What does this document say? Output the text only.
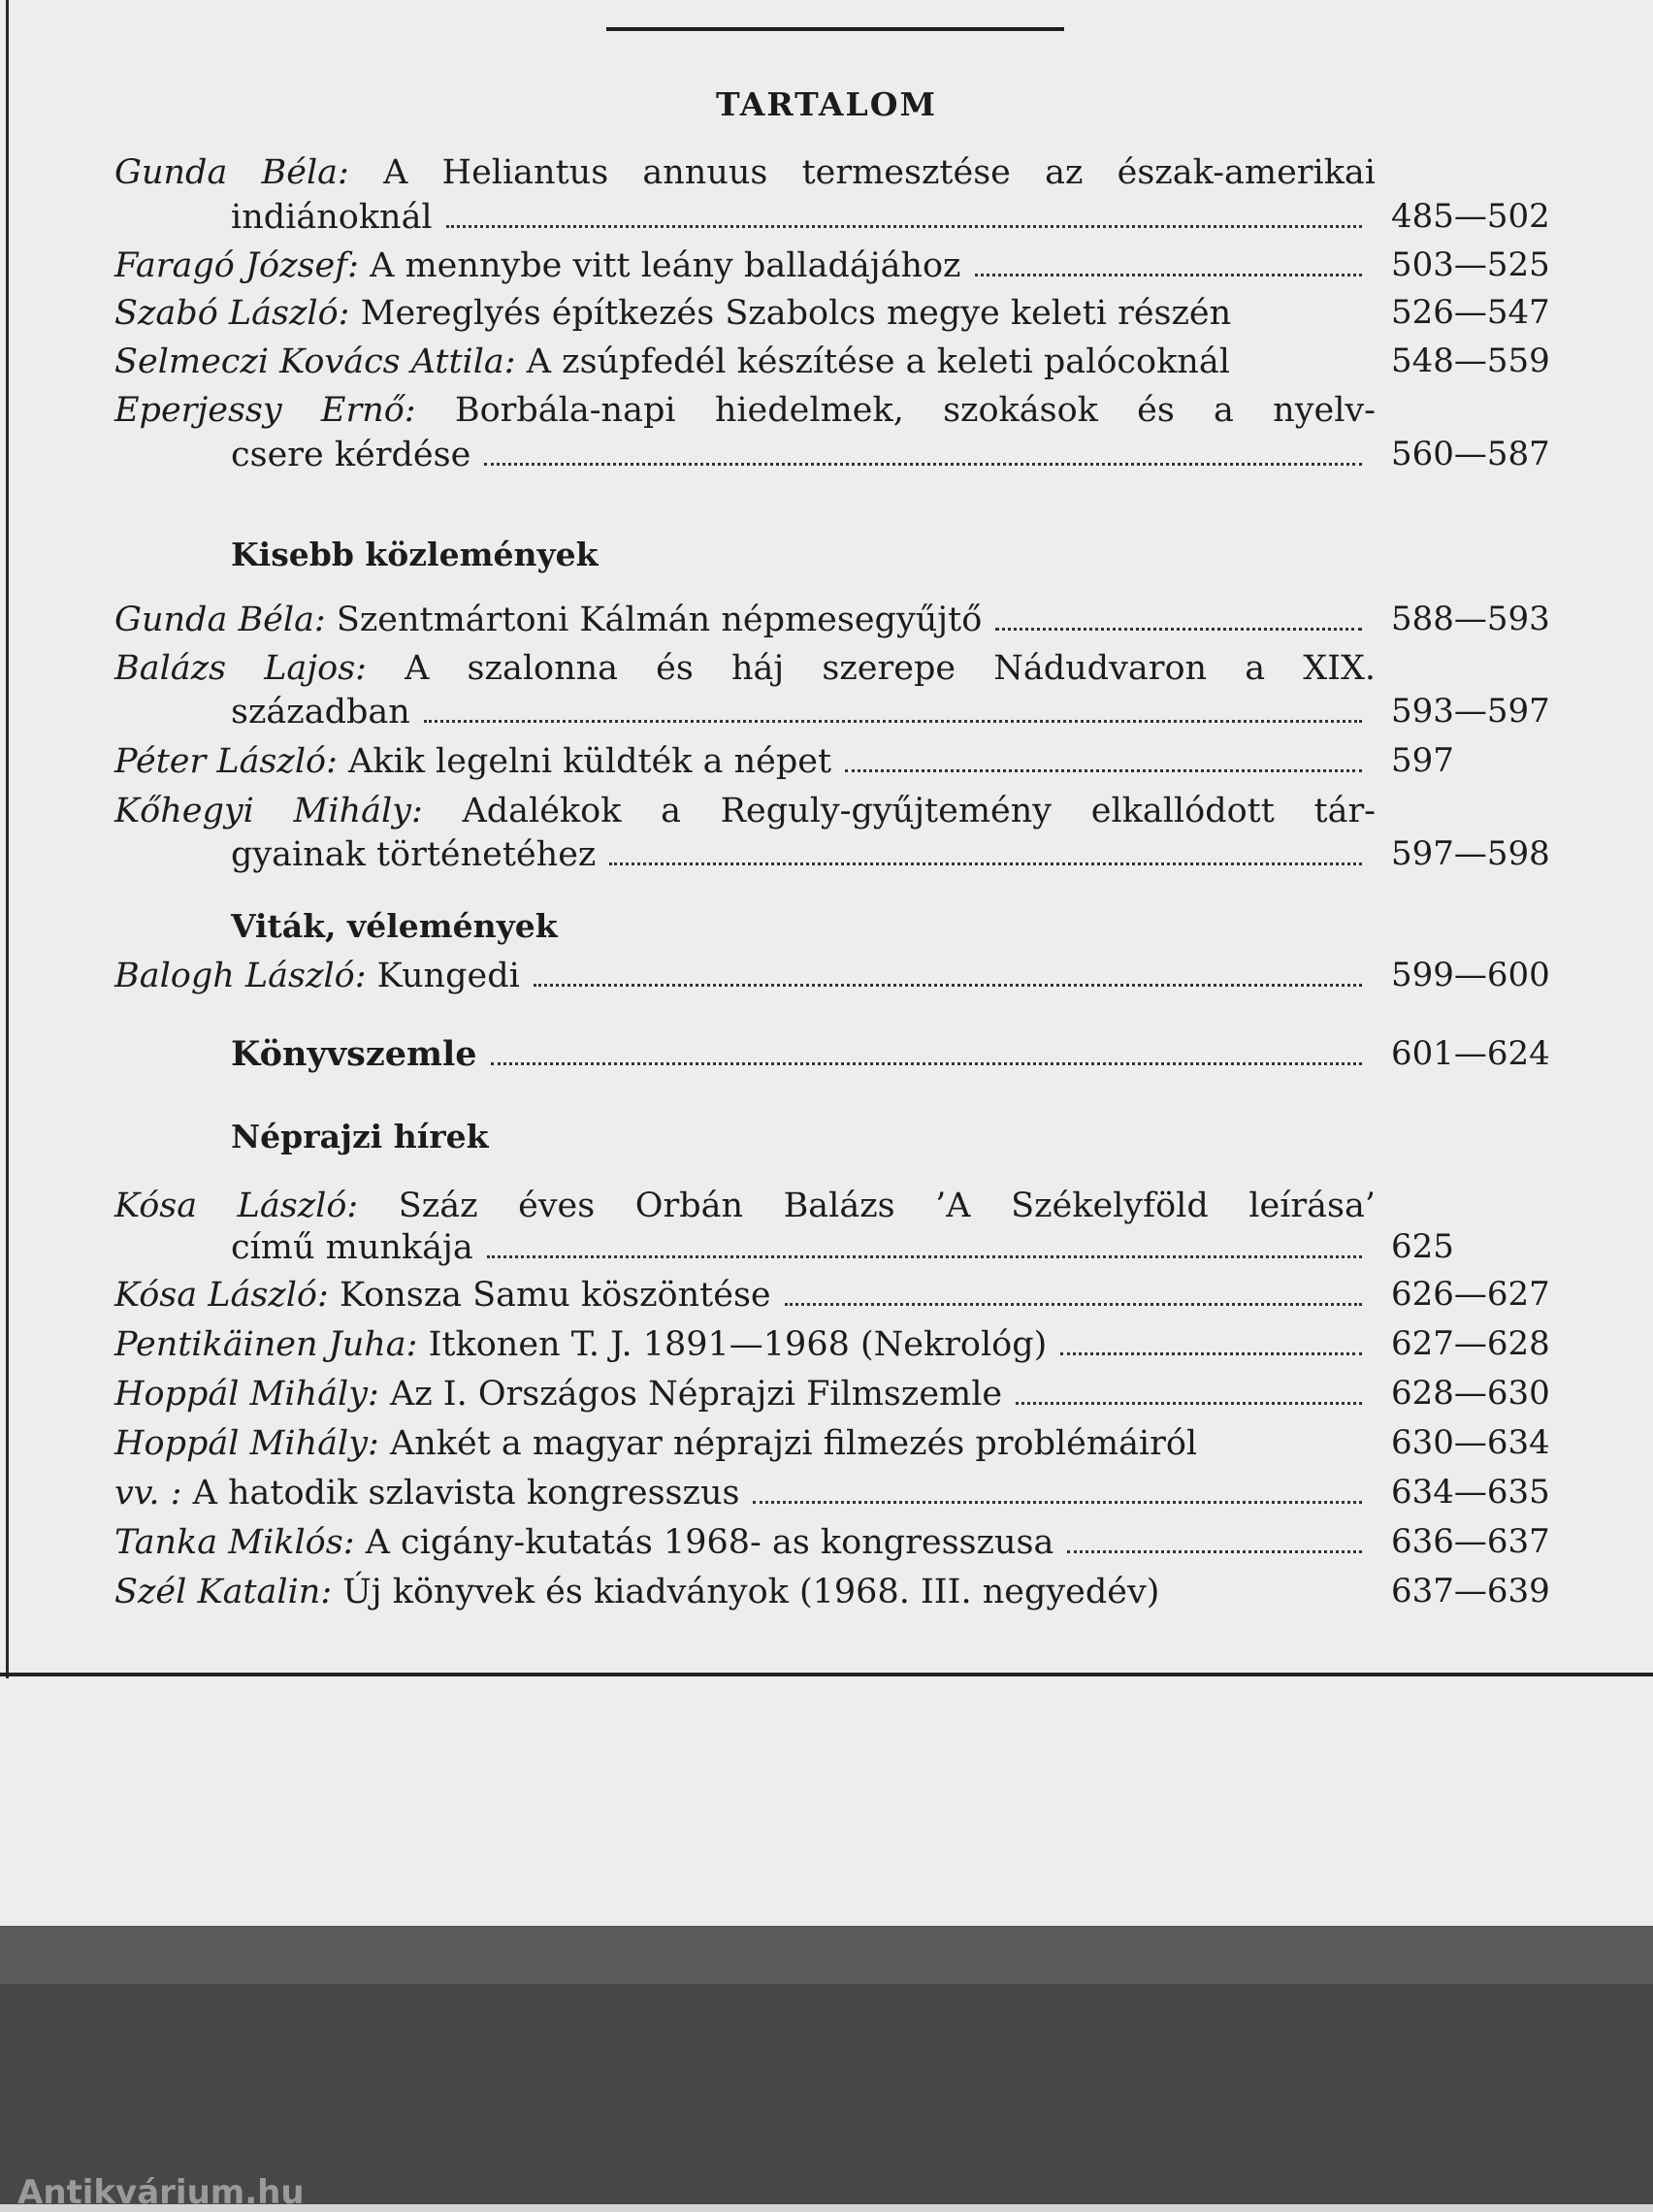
TARTALOM
Gunda Béla: A Heliantus annuus termesztése az észak-amerikai
indiánoknál	485—502
Faragó József: A mennybe vitt leány balladájához	503—525
Szabó László: Mereglyés építkezés Szabolcs megye keleti részén	526—547
Selmeczi Kovács Attila: A zsúpfedél készítése a keleti palócoknál	548—559
Eperjessy Ernő: Borbála-napi hiedelmek, szokások és a nyelv-
csere kérdése	560—587
Kisebb közlemények
Gunda Béla: Szentmártoni Kálmán népmesegyűjtő	588—593
Balázs Lajos: A szalonna és háj szerepe Nádudvaron a XIX.
században	593—597
Péter László: Akik legelni küldték a népet	597
Kőhegyi Mihály: Adalékok a Reguly-gyűjtemény elkallódott tár-
gyainak történetéhez	597—598
Viták, vélemények
Balogh László: Kungedi	599—600
Könyvszemle	601—624
Néprajzi hírek
Kósa László: Száz éves Orbán Balázs ’A Székelyföld leírása’
című munkája	625
Kósa László: Konsza Samu köszöntése	626—627
Pentikäinen Juha: Itkonen T. J. 1891—1968 (Nekrológ)	627—628
Hoppál Mihály: Az I. Országos Néprajzi Filmszemle	628—630
Hoppál Mihály: Ankét a magyar néprajzi filmezés problémáiról	630—634
vv. : A hatodik szlavista kongresszus	634—635
Tanka Miklós: A cigány-kutatás 1968- as kongresszusa	636—637
Szél Katalin: Új könyvek és kiadványok (1968. III. negyedév)	637—639
Antikvárium.hu
